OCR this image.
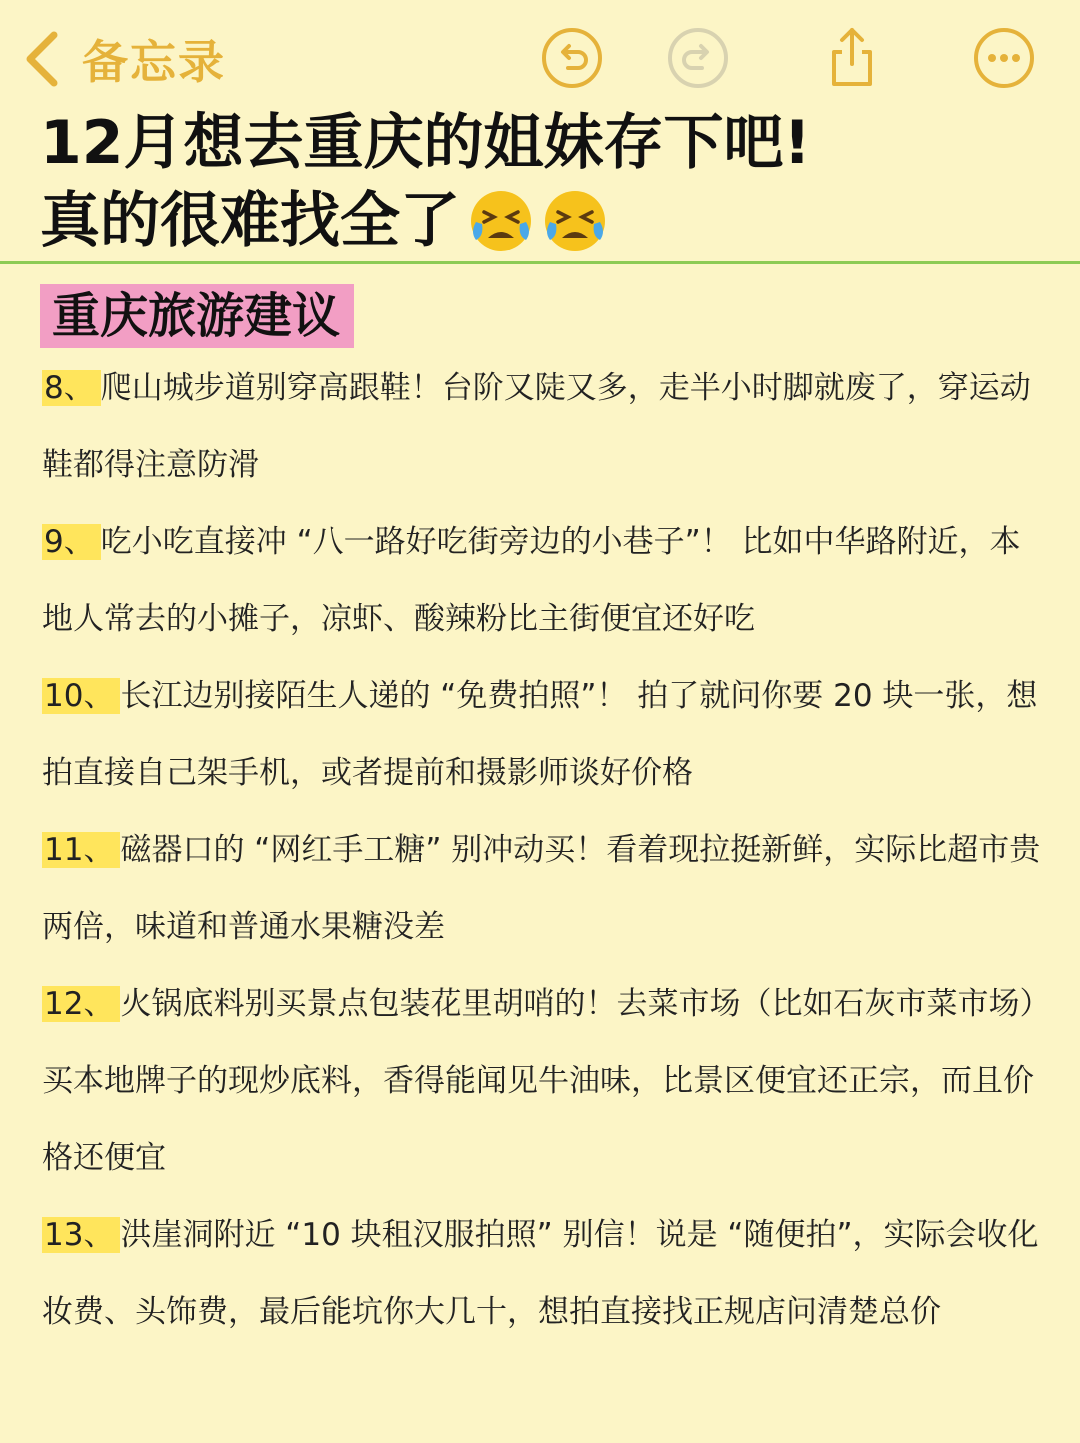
备忘录
12月想去重庆的姐妹存下吧!
真的很难找全了
重庆旅游建议
8、 爬山城步道别穿高跟鞋！台阶又陡又多，走半小时脚就废了，穿运动鞋都得注意防滑
9、 吃小吃直接冲 “八一路好吃街旁边的小巷子”！ 比如中华路附近，本地人常去的小摊子，凉虾、酸辣粉比主街便宜还好吃
10、 长江边别接陌生人递的 “免费拍照”！ 拍了就问你要 20 块一张，想拍直接自己架手机，或者提前和摄影师谈好价格
11、 磁器口的 “网红手工糖” 别冲动买！看着现拉挺新鲜，实际比超市贵两倍，味道和普通水果糖没差
12、 火锅底料别买景点包装花里胡哨的！去菜市场（比如石灰市菜市场）买本地牌子的现炒底料，香得能闻见牛油味，比景区便宜还正宗，而且价格还便宜
13、 洪崖洞附近 “10 块租汉服拍照” 别信！说是 “随便拍”，实际会收化妆费、头饰费，最后能坑你大几十，想拍直接找正规店问清楚总价
